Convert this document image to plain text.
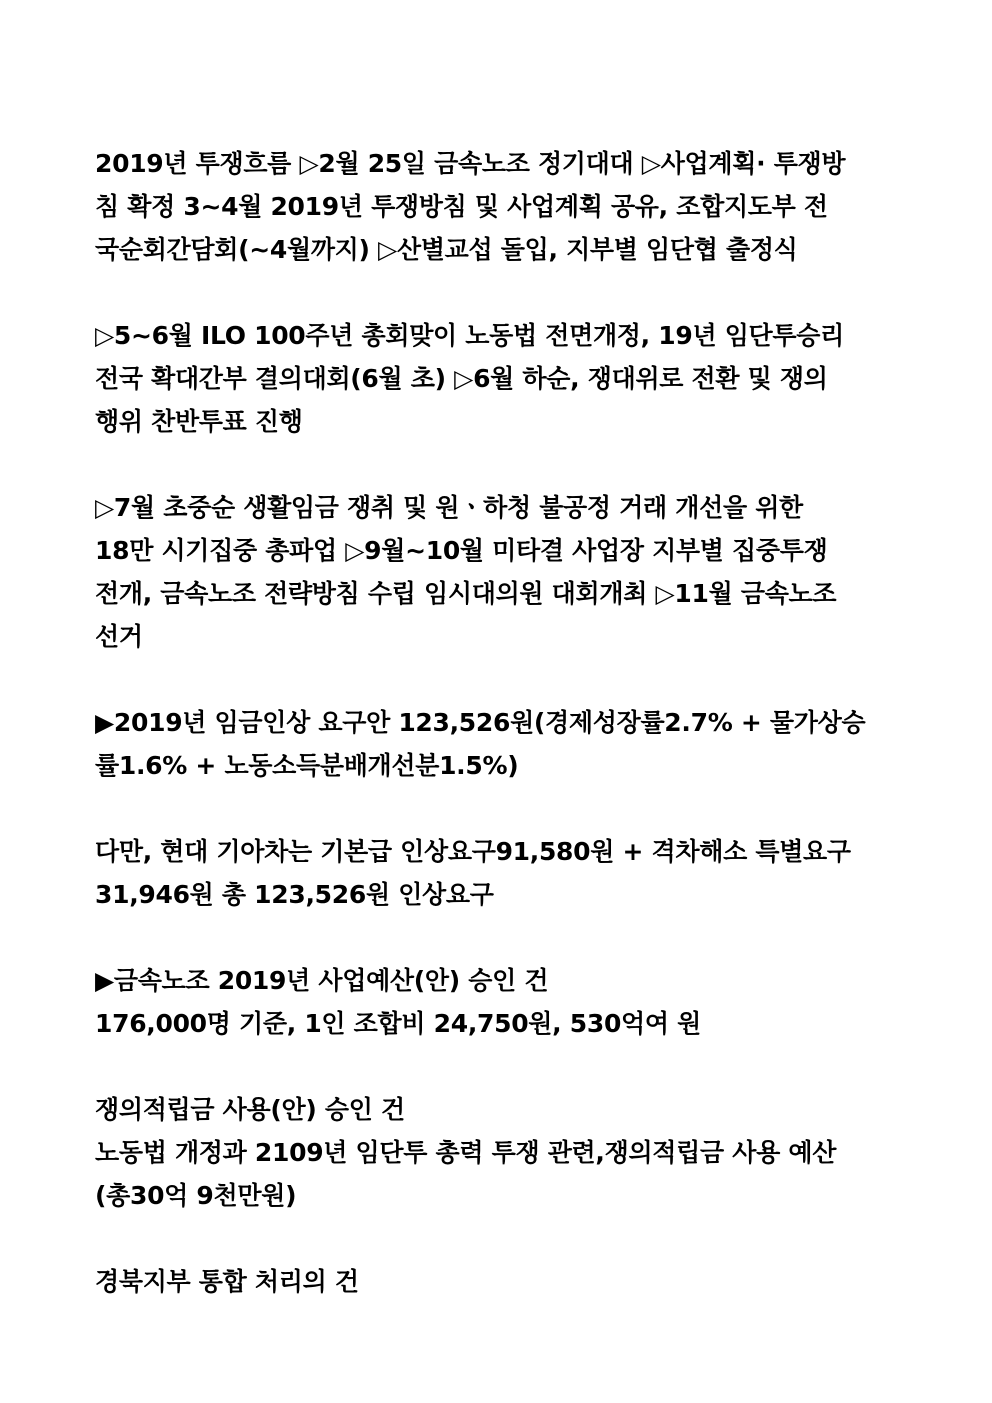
2019년 투쟁흐름 ▷2월 25일 금속노조 정기대대 ▷사업계획· 투쟁방
침 확정 3~4월 2019년 투쟁방침 및 사업계획 공유, 조합지도부 전
국순회간담회(~4월까지) ▷산별교섭 돌입, 지부별 임단협 출정식

▷5~6월 ILO 100주년 총회맞이 노동법 전면개정, 19년 임단투승리
전국 확대간부 결의대회(6월 초) ▷6월 하순, 쟁대위로 전환 및 쟁의
행위 찬반투표 진행

▷7월 초중순 생활임금 쟁취 및 원ㆍ하청 불공정 거래 개선을 위한
18만 시기집중 총파업 ▷9월~10월 미타결 사업장 지부별 집중투쟁
전개, 금속노조 전략방침 수립 임시대의원 대회개최 ▷11월 금속노조
선거

▶2019년 임금인상 요구안 123,526원(경제성장률2.7% + 물가상승
률1.6% + 노동소득분배개선분1.5%)

다만, 현대 기아차는 기본급 인상요구91,580원 + 격차해소 특별요구
31,946원 총 123,526원 인상요구

▶금속노조 2019년 사업예산(안) 승인 건
176,000명 기준, 1인 조합비 24,750원, 530억여 원

쟁의적립금 사용(안) 승인 건
노동법 개정과 2109년 임단투 총력 투쟁 관련,쟁의적립금 사용 예산
(총30억 9천만원)

경북지부 통합 처리의 건
